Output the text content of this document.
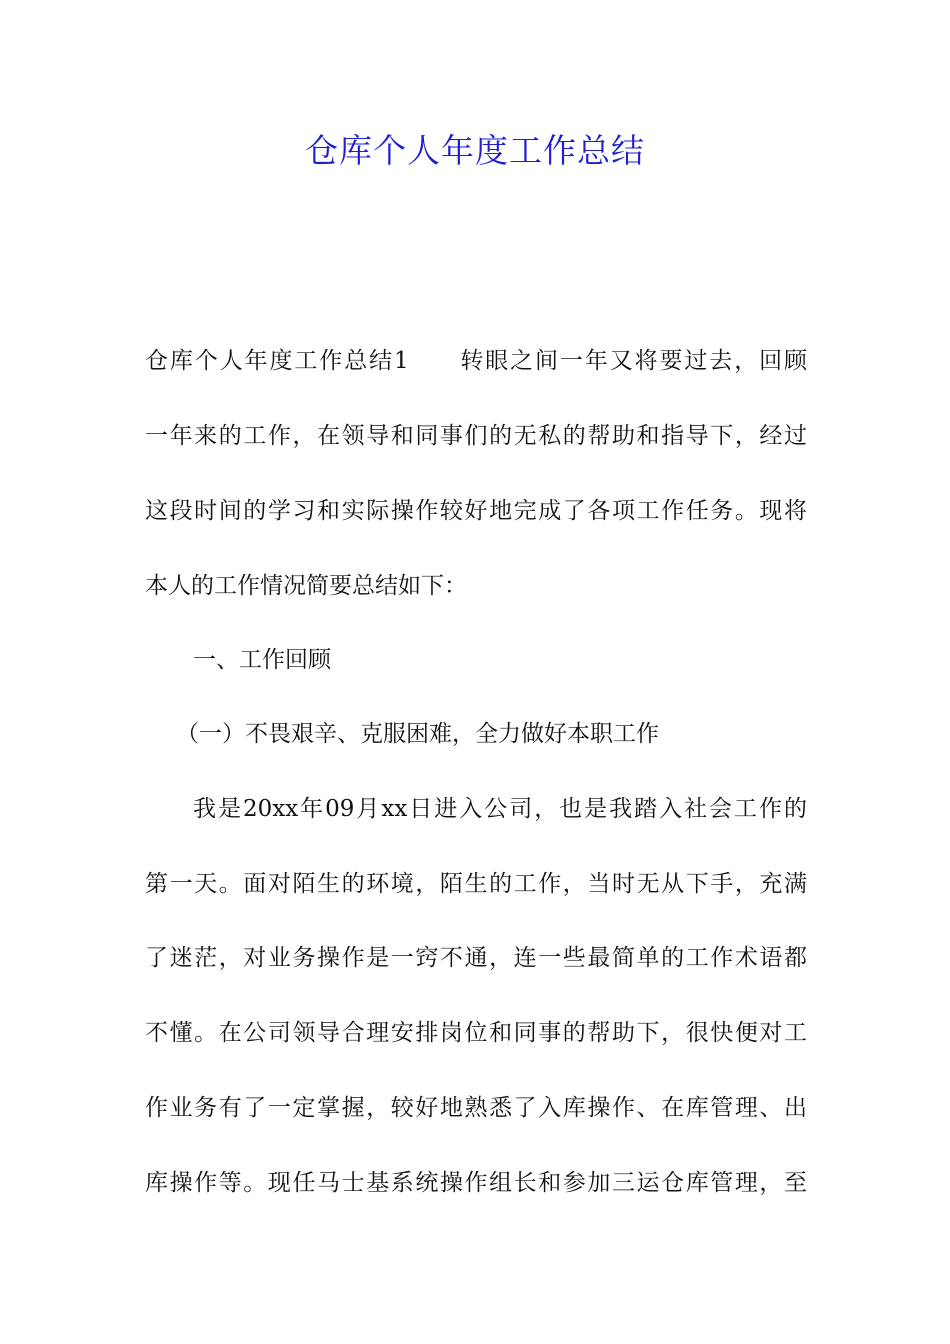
仓库个人年度工作总结
仓库个人年度工作总结1　　转眼之间一年又将要过去，回顾
一年来的工作，在领导和同事们的无私的帮助和指导下，经过
这段时间的学习和实际操作较好地完成了各项工作任务。现将
本人的工作情况简要总结如下：
一、工作回顾
（一）不畏艰辛、克服困难，全力做好本职工作
我是20xx年09月xx日进入公司，也是我踏入社会工作的
第一天。面对陌生的环境，陌生的工作，当时无从下手，充满
了迷茫，对业务操作是一窍不通，连一些最简单的工作术语都
不懂。在公司领导合理安排岗位和同事的帮助下，很快便对工
作业务有了一定掌握，较好地熟悉了入库操作、在库管理、出
库操作等。现任马士基系统操作组长和参加三运仓库管理，至
